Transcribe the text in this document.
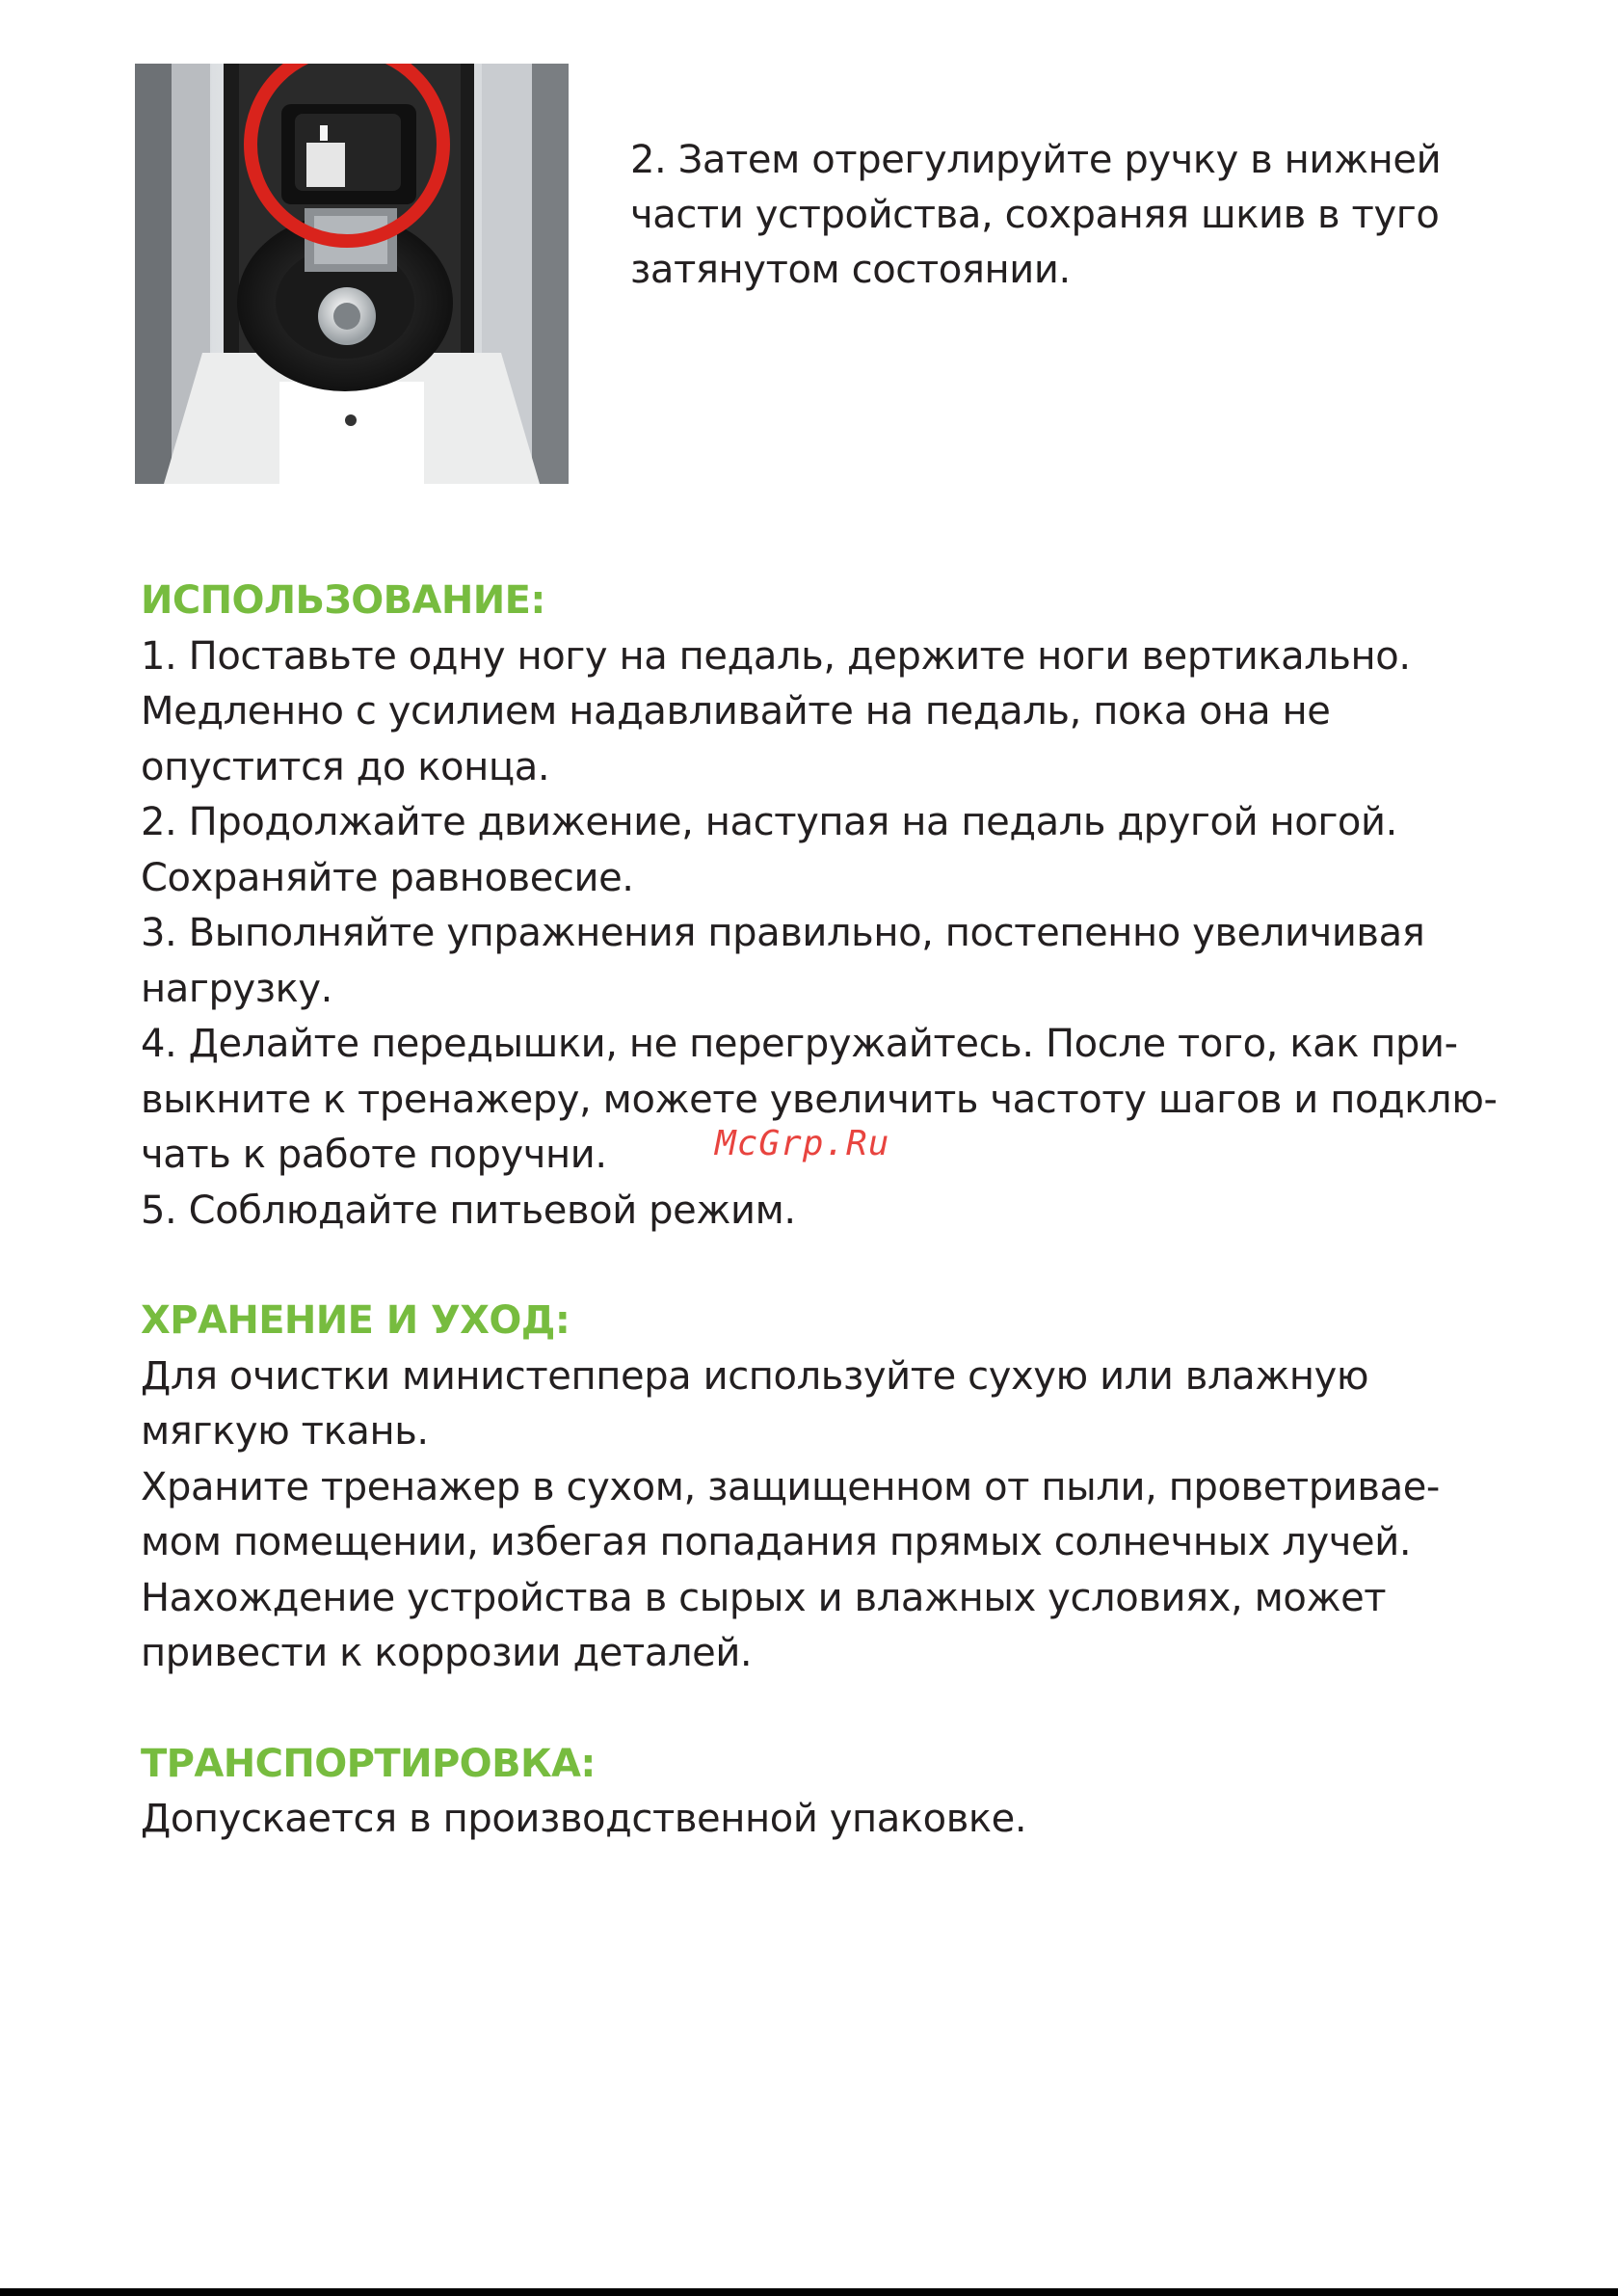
2. Затем отрегулируйте ручку в нижней
части устройства, сохраняя шкив в туго
затянутом состоянии.
ИСПОЛЬЗОВАНИЕ:
1. Поставьте одну ногу на педаль, держите ноги вертикально.
Медленно с усилием надавливайте на педаль, пока она не
опустится до конца.
2. Продолжайте движение, наступая на педаль другой ногой.
Сохраняйте равновесие.
3. Выполняйте упражнения правильно, постепенно увеличивая
нагрузку.
4. Делайте передышки, не перегружайтесь. После того, как при-
выкните к тренажеру, можете увеличить частоту шагов и подклю-
чать к работе поручни.
5. Соблюдайте питьевой режим.
ХРАНЕНИЕ И УХОД:
Для очистки министеппера используйте сухую или влажную
мягкую ткань.
Храните тренажер в сухом, защищенном от пыли, проветривае-
мом помещении, избегая попадания прямых солнечных лучей.
Нахождение устройства в сырых и влажных условиях, может
привести к коррозии деталей.
ТРАНСПОРТИРОВКА:
Допускается в производственной упаковке.
McGrp.Ru
